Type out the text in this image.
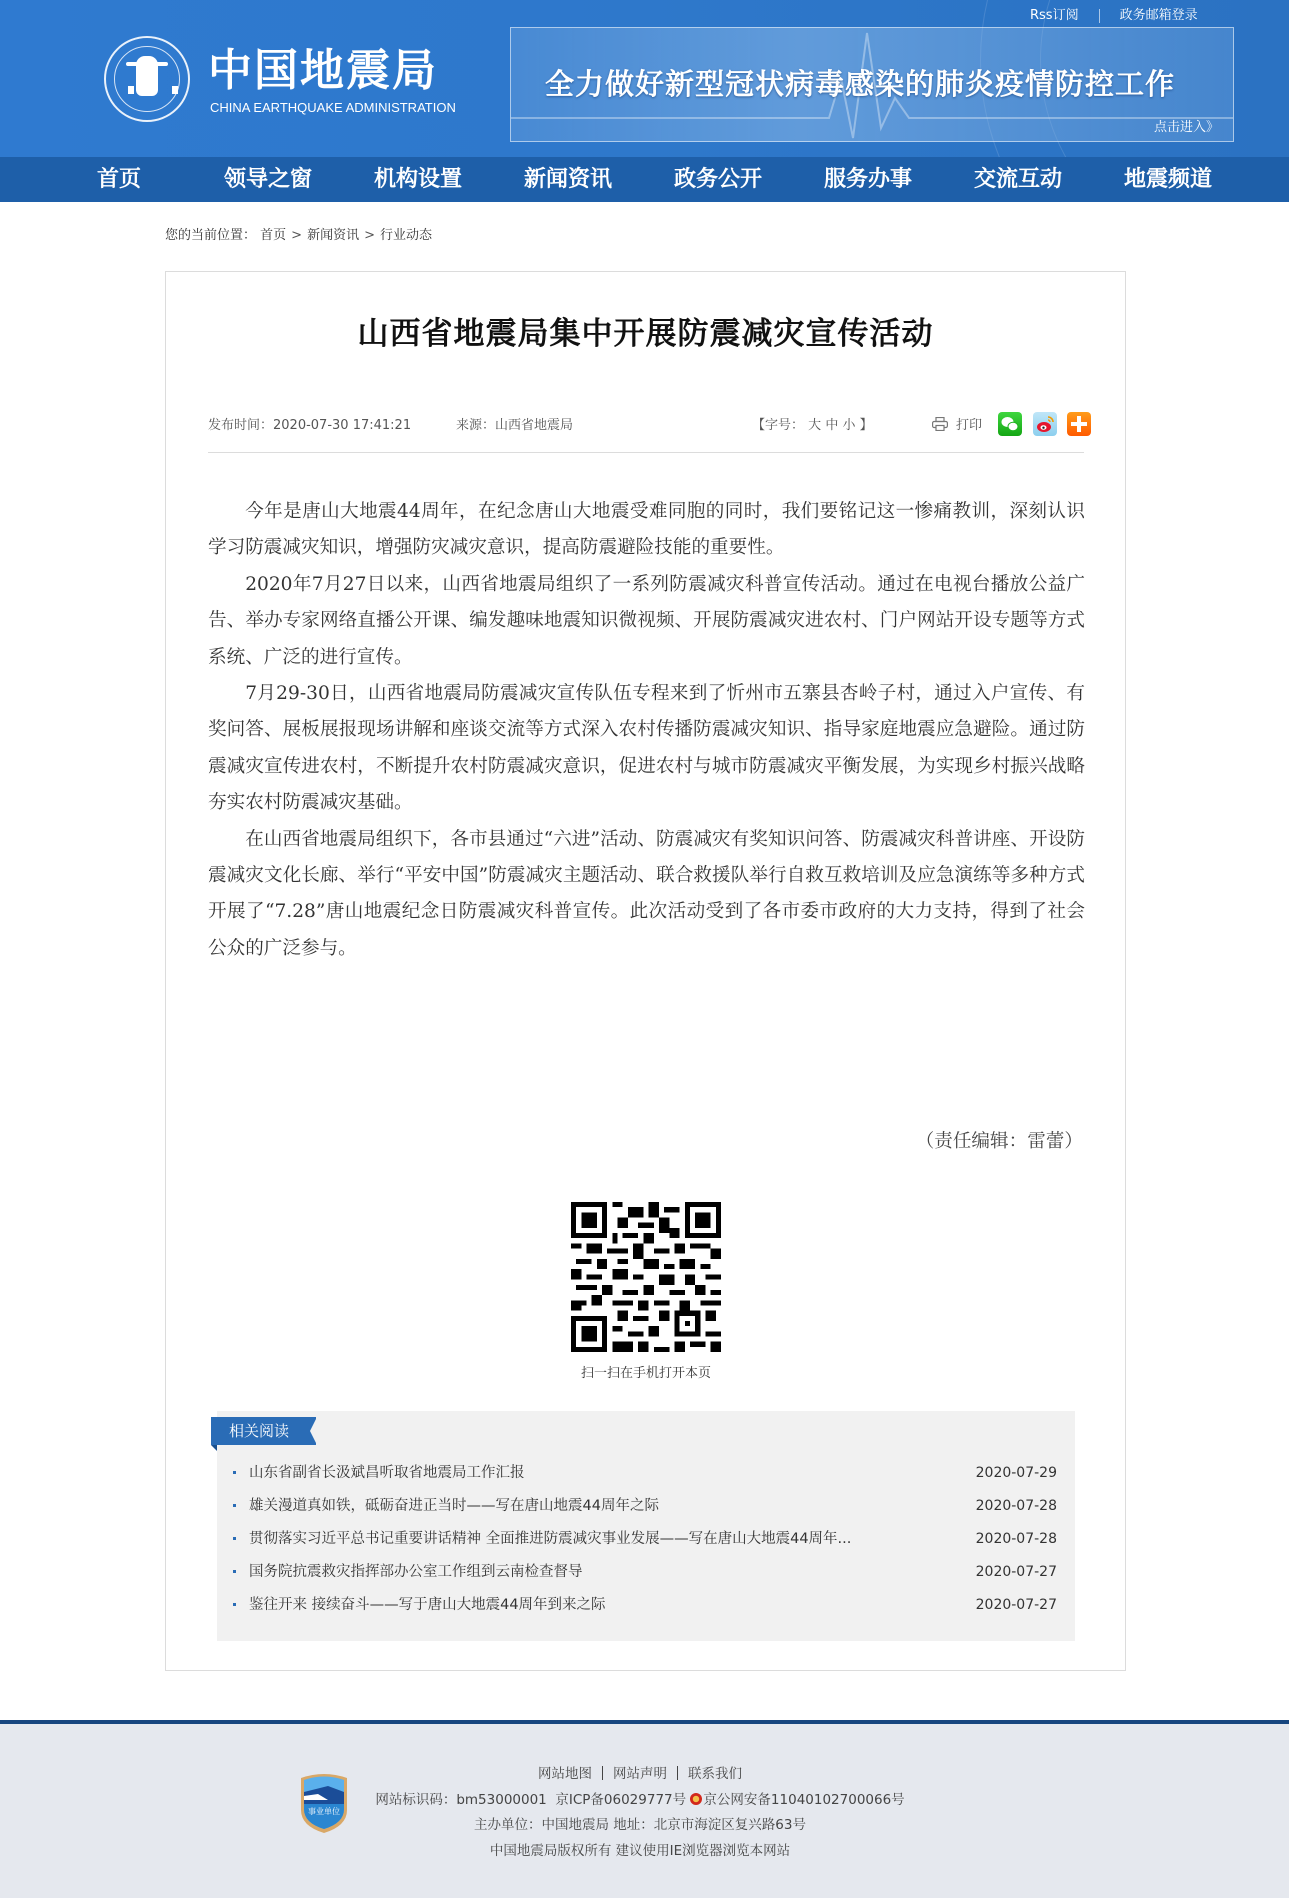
中国地震局
CHINA EARTHQUAKE ADMINISTRATION
Rss订阅	政务邮箱登录
全力做好新型冠状病毒感染的肺炎疫情防控工作
点击进入》
首页	领导之窗	机构设置	新闻资讯	政务公开	服务办事	交流互动	地震频道
您的当前位置： 首页 > 新闻资讯 > 行业动态
山西省地震局集中开展防震减灾宣传活动
发布时间：2020-07-30 17:41:21	来源：山西省地震局	【字号： 大 中 小 】	打印

今年是唐山大地震44周年，在纪念唐山大地震受难同胞的同时，我们要铭记这一惨痛教训，深刻认识学习防震减灾知识，增强防灾减灾意识，提高防震避险技能的重要性。

2020年7月27日以来，山西省地震局组织了一系列防震减灾科普宣传活动。通过在电视台播放公益广告、举办专家网络直播公开课、编发趣味地震知识微视频、开展防震减灾进农村、门户网站开设专题等方式系统、广泛的进行宣传。

7月29-30日，山西省地震局防震减灾宣传队伍专程来到了忻州市五寨县杏岭子村，通过入户宣传、有奖问答、展板展报现场讲解和座谈交流等方式深入农村传播防震减灾知识、指导家庭地震应急避险。通过防震减灾宣传进农村，不断提升农村防震减灾意识，促进农村与城市防震减灾平衡发展，为实现乡村振兴战略夯实农村防震减灾基础。

在山西省地震局组织下，各市县通过“六进”活动、防震减灾有奖知识问答、防震减灾科普讲座、开设防震减灾文化长廊、举行“平安中国”防震减灾主题活动、联合救援队举行自救互救培训及应急演练等多种方式开展了“7.28”唐山地震纪念日防震减灾科普宣传。此次活动受到了各市委市政府的大力支持，得到了社会公众的广泛参与。

（责任编辑：雷蕾）
扫一扫在手机打开本页
相关阅读
山东省副省长汲斌昌听取省地震局工作汇报	2020-07-29
雄关漫道真如铁，砥砺奋进正当时——写在唐山地震44周年之际	2020-07-28
贯彻落实习近平总书记重要讲话精神 全面推进防震减灾事业发展——写在唐山大地震44周年...	2020-07-28
国务院抗震救灾指挥部办公室工作组到云南检查督导	2020-07-27
鉴往开来 接续奋斗——写于唐山大地震44周年到来之际	2020-07-27
事业单位
网站地图 网站声明 联系我们
网站标识码：bm53000001 京ICP备06029777号 京公网安备11040102700066号
主办单位：中国地震局 地址：北京市海淀区复兴路63号
中国地震局版权所有 建议使用IE浏览器浏览本网站
